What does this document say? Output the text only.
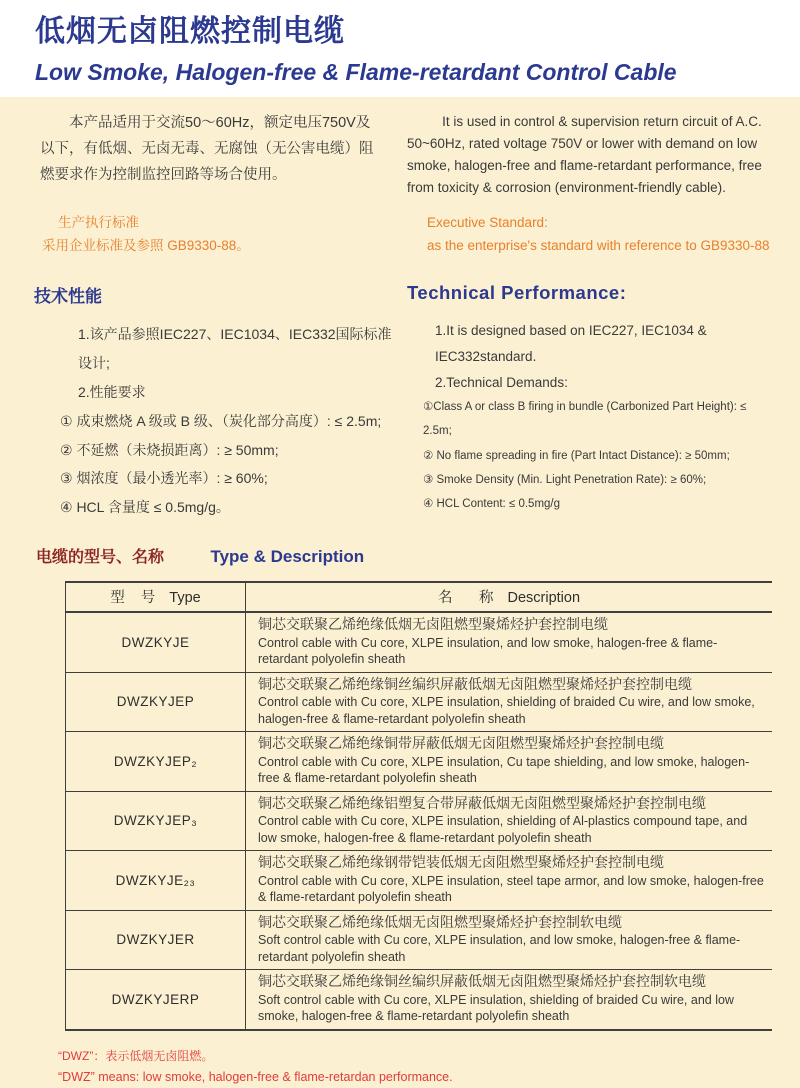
低烟无卤阻燃控制电缆
Low Smoke, Halogen-free & Flame-retardant Control Cable

本产品适用于交流50～60Hz，额定电压750V及以下，有低烟、无卤无毒、无腐蚀（无公害电缆）阻燃要求作为控制监控回路等场合使用。

It is used in control & supervision return circuit of A.C. 50~60Hz, rated voltage 750V or lower with demand on low smoke, halogen-free and flame-retardant performance, free from toxicity & corrosion (environment-friendly cable).

生产执行标准
采用企业标准及参照 GB9330-88。
Executive Standard:
as the enterprise's standard with reference to GB9330-88
技术性能
1.该产品参照IEC227、IEC1034、IEC332国际标准设计;
2.性能要求
① 成束燃烧 A 级或 B 级、（炭化部分高度）: ≤ 2.5m;
② 不延燃（未烧损距离）: ≥ 50mm;
③ 烟浓度（最小透光率）: ≥ 60%;
④ HCL 含量度 ≤ 0.5mg/g。
Technical Performance:
1.It is designed based on IEC227, IEC1034 & IEC332standard.
2.Technical Demands:
①Class A or class B firing in bundle (Carbonized Part Height): ≤ 2.5m;
② No flame spreading in fire (Part Intact Distance): ≥ 50mm;
③ Smoke Density (Min. Light Penetration Rate): ≥ 60%;
④ HCL Content: ≤ 0.5mg/g
电缆的型号、名称	Type & Description
型 号 Type	名　称 Description
DWZKYJE	铜芯交联聚乙烯绝缘低烟无卤阻燃型聚烯烃护套控制电缆
Control cable with Cu core, XLPE insulation, and low smoke, halogen-free & flame-retardant polyolefin sheath

DWZKYJEP	铜芯交联聚乙烯绝缘铜丝编织屏蔽低烟无卤阻燃型聚烯烃护套控制电缆
Control cable with Cu core, XLPE insulation, shielding of braided Cu wire, and low smoke, halogen-free & flame-retardant polyolefin sheath

DWZKYJEP₂	铜芯交联聚乙烯绝缘铜带屏蔽低烟无卤阻燃型聚烯烃护套控制电缆
Control cable with Cu core, XLPE insulation, Cu tape shielding, and low smoke, halogen-free & flame-retardant polyolefin sheath

DWZKYJEP₃	铜芯交联聚乙烯绝缘铝塑复合带屏蔽低烟无卤阻燃型聚烯烃护套控制电缆
Control cable with Cu core, XLPE insulation, shielding of Al-plastics compound tape, and low smoke, halogen-free & flame-retardant polyolefin sheath

DWZKYJE₂₃	铜芯交联聚乙烯绝缘钢带铠装低烟无卤阻燃型聚烯烃护套控制电缆
Control cable with Cu core, XLPE insulation, steel tape armor, and low smoke, halogen-free & flame-retardant polyolefin sheath

DWZKYJER	铜芯交联聚乙烯绝缘低烟无卤阻燃型聚烯烃护套控制软电缆
Soft control cable with Cu core, XLPE insulation, and low smoke, halogen-free & flame-retardant polyolefin sheath

DWZKYJERP	铜芯交联聚乙烯绝缘铜丝编织屏蔽低烟无卤阻燃型聚烯烃护套控制软电缆
Soft control cable with Cu core, XLPE insulation, shielding of braided Cu wire, and low smoke, halogen-free & flame-retardant polyolefin sheath
“DWZ”：表示低烟无卤阻燃。
“DWZ” means: low smoke, halogen-free & flame-retardan performance.
